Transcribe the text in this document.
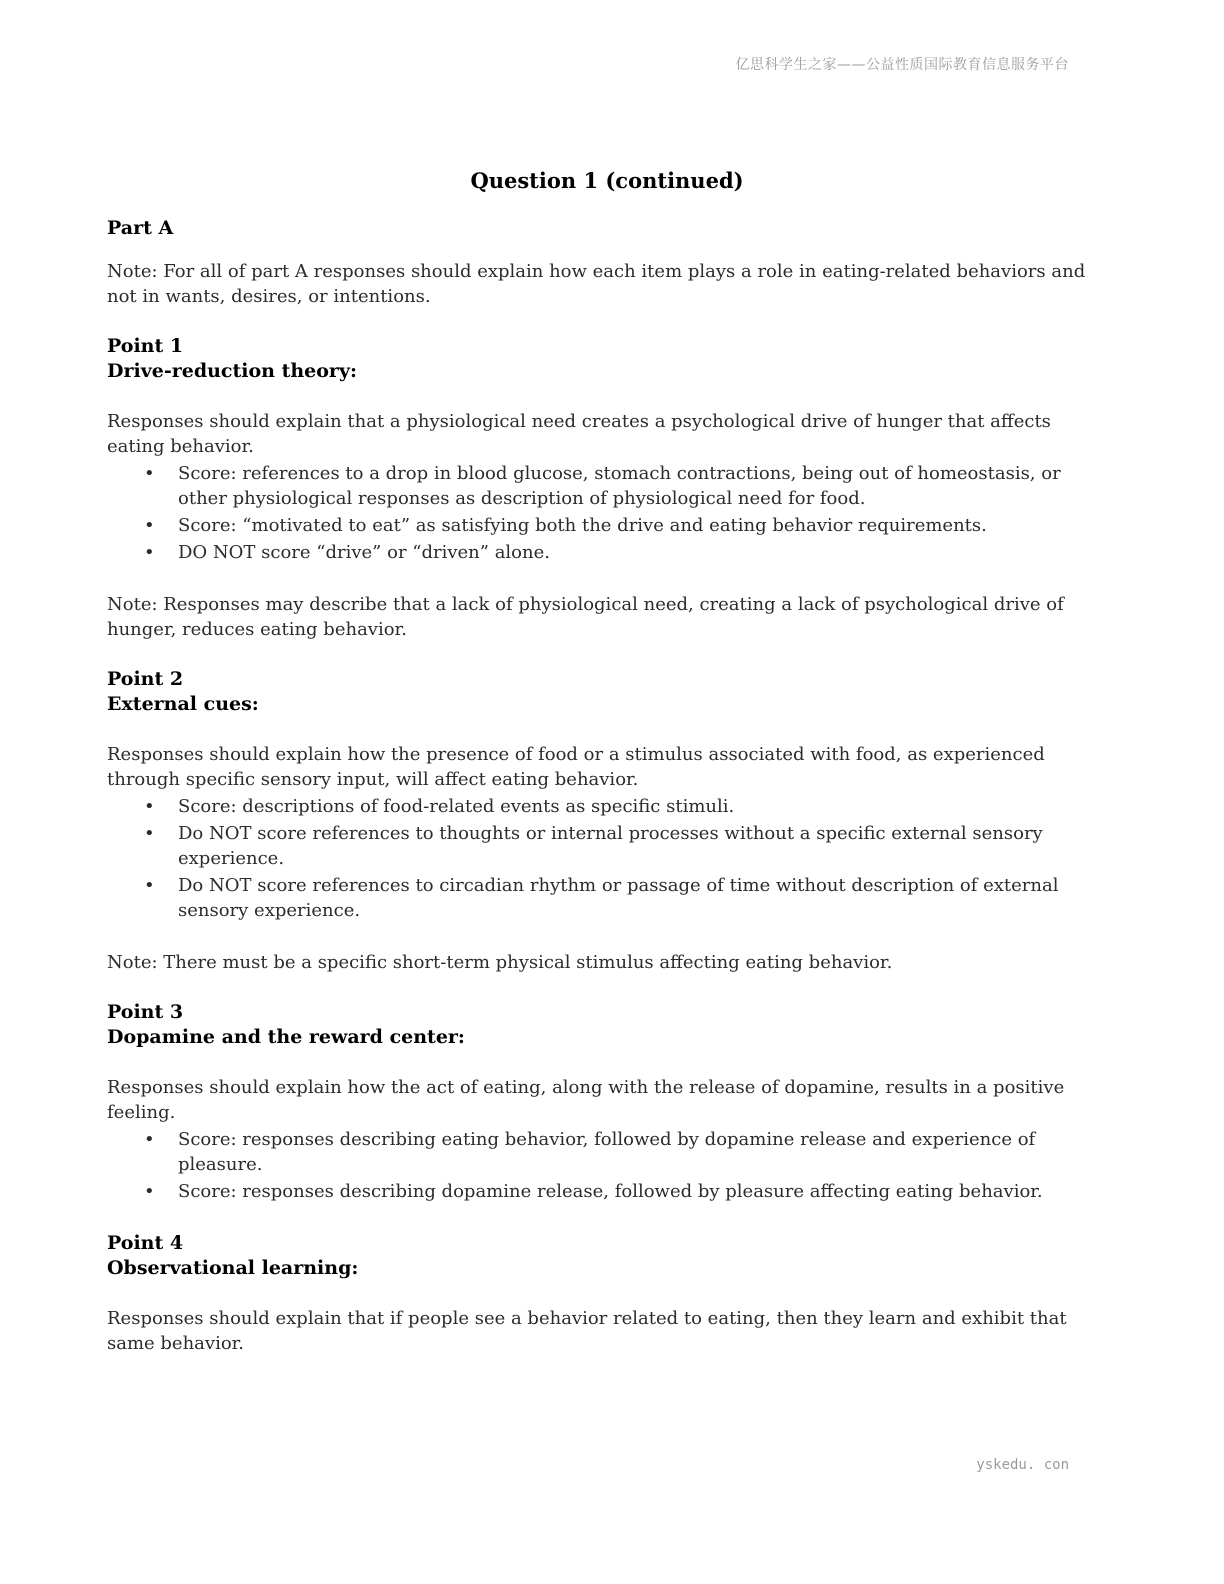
亿思科学生之家——公益性质国际教育信息服务平台
Question 1 (continued)
Part A

Note: For all of part A responses should explain how each item plays a role in eating-related behaviors and not in wants, desires, or intentions.

Point 1
Drive-reduction theory:

Responses should explain that a physiological need creates a psychological drive of hunger that affects eating behavior.

• Score: references to a drop in blood glucose, stomach contractions, being out of homeostasis, or other physiological responses as description of physiological need for food.
• Score: “motivated to eat” as satisfying both the drive and eating behavior requirements.
• DO NOT score “drive” or “driven” alone.

Note: Responses may describe that a lack of physiological need, creating a lack of psychological drive of hunger, reduces eating behavior.

Point 2
External cues:

Responses should explain how the presence of food or a stimulus associated with food, as experienced through specific sensory input, will affect eating behavior.

• Score: descriptions of food-related events as specific stimuli.
• Do NOT score references to thoughts or internal processes without a specific external sensory experience.
• Do NOT score references to circadian rhythm or passage of time without description of external sensory experience.

Note: There must be a specific short-term physical stimulus affecting eating behavior.

Point 3
Dopamine and the reward center:

Responses should explain how the act of eating, along with the release of dopamine, results in a positive feeling.

• Score: responses describing eating behavior, followed by dopamine release and experience of pleasure.
• Score: responses describing dopamine release, followed by pleasure affecting eating behavior.
Point 4
Observational learning:

Responses should explain that if people see a behavior related to eating, then they learn and exhibit that same behavior.

yskedu. con
